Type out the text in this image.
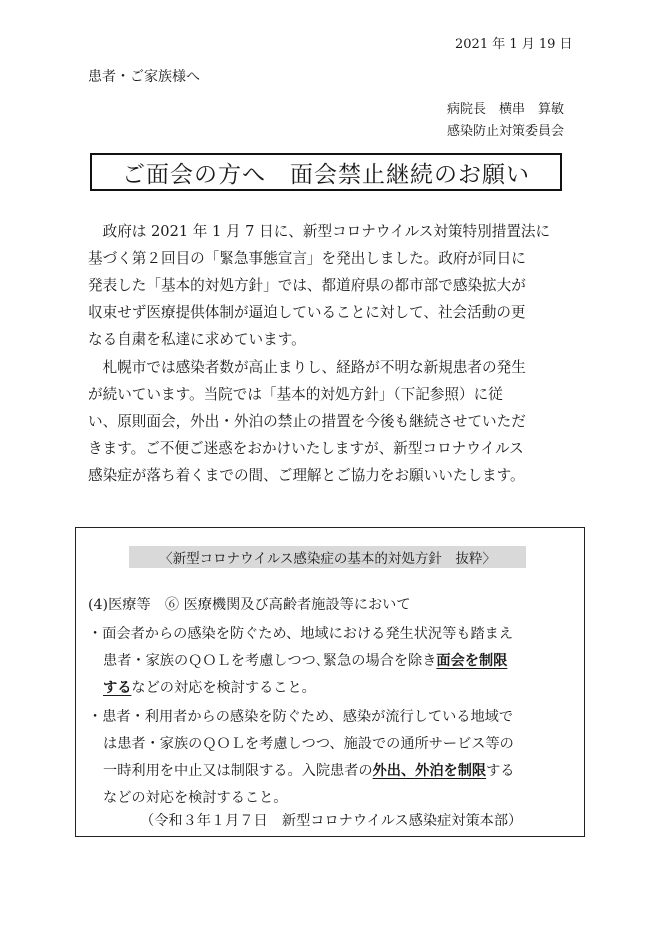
2021 年 1 月 19 日
患者・ご家族様へ
病院長　横串　算敏
感染防止対策委員会
ご面会の方へ　面会禁止継続のお願い
　政府は 2021 年 1 月 7 日に、新型コロナウイルス対策特別措置法に
基づく第２回目の「緊急事態宣言」を発出しました。政府が同日に
発表した「基本的対処方針」では、都道府県の都市部で感染拡大が
収束せず医療提供体制が逼迫していることに対して、社会活動の更
なる自粛を私達に求めています。
　札幌市では感染者数が高止まりし、経路が不明な新規患者の発生
が続いています。当院では「基本的対処方針」（下記参照）に従
い、原則面会，外出・外泊の禁止の措置を今後も継続させていただ
きます。ご不便ご迷惑をおかけいたしますが、新型コロナウイルス
感染症が落ち着くまでの間、ご理解とご協力をお願いいたします。
〈新型コロナウイルス感染症の基本的対処方針　抜粋〉
(4)医療等　⑥ 医療機関及び高齢者施設等において
・面会者からの感染を防ぐため、地域における発生状況等も踏まえ
患者・家族のＱＯＬを考慮しつつ､緊急の場合を除き面会を制限
するなどの対応を検討すること。
・患者・利用者からの感染を防ぐため、感染が流行している地域で
は患者・家族のＱＯＬを考慮しつつ、施設での通所サービス等の
一時利用を中止又は制限する。入院患者の外出、外泊を制限する
などの対応を検討すること。
（令和３年１月７日　新型コロナウイルス感染症対策本部）
